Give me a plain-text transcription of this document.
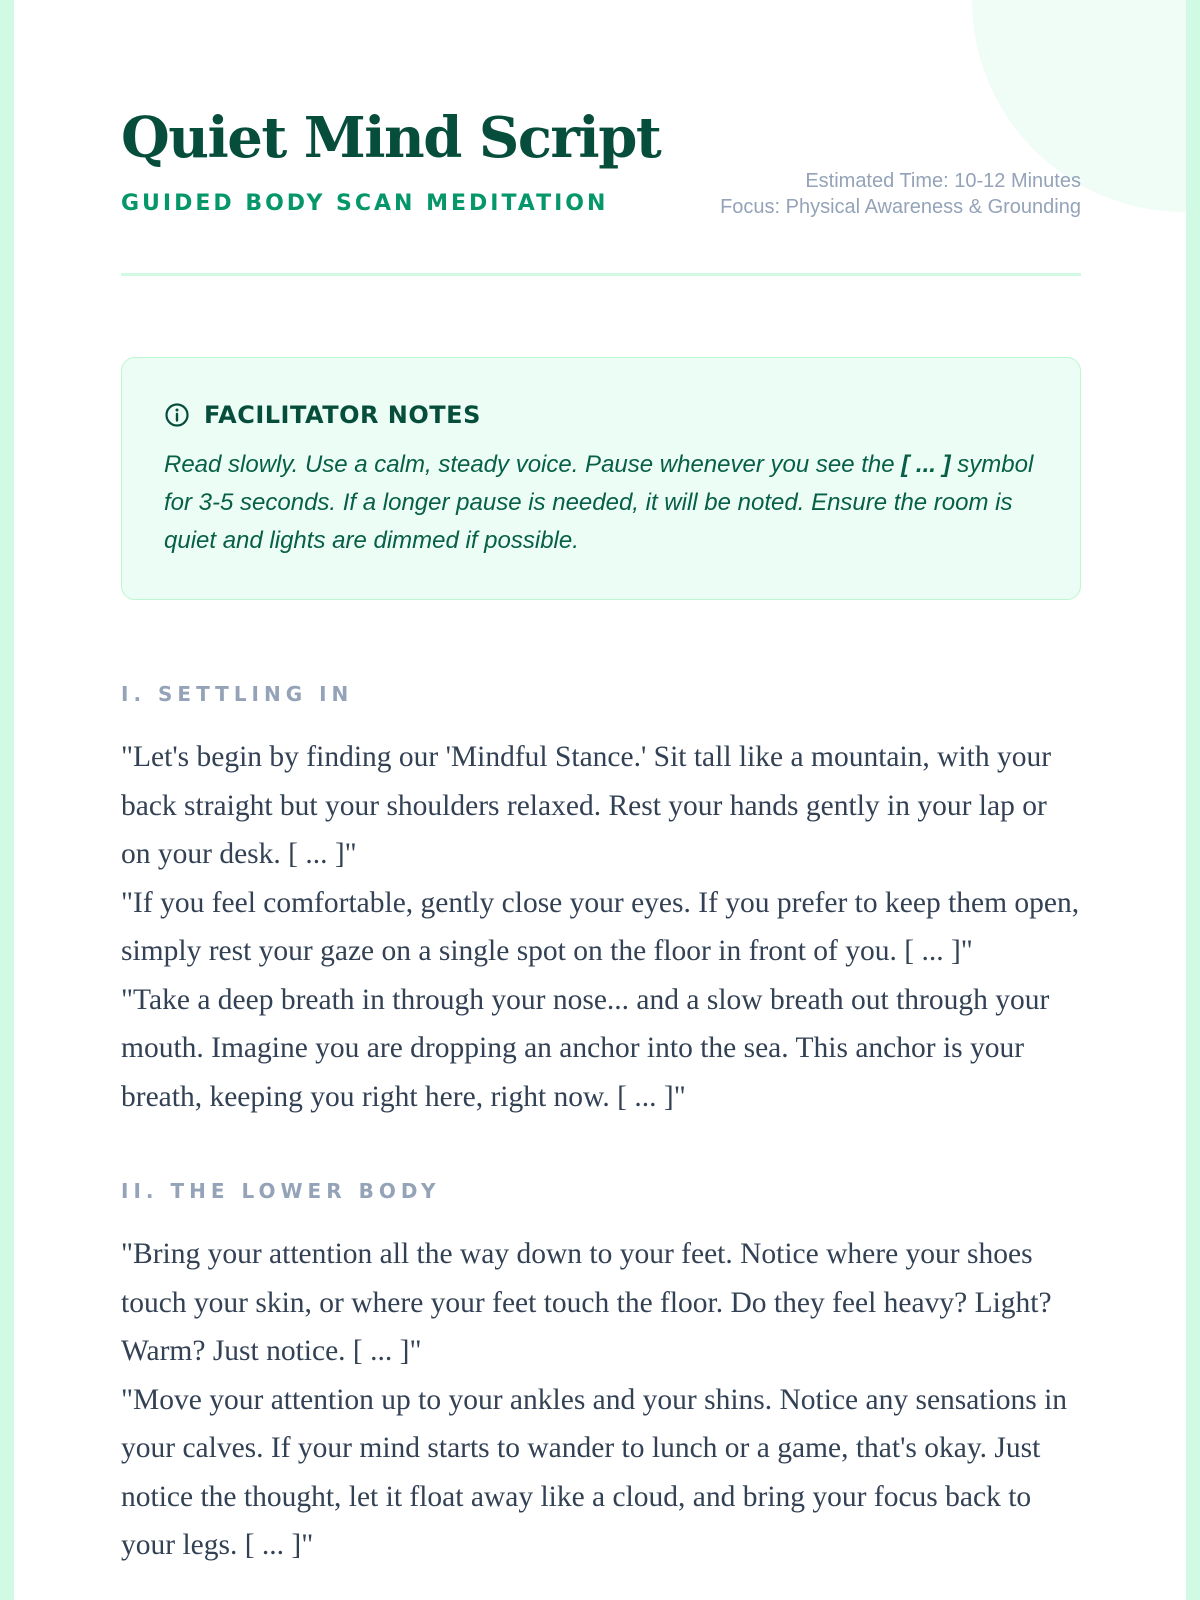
Quiet Mind Script
GUIDED BODY SCAN MEDITATION
Estimated Time: 10-12 Minutes
Focus: Physical Awareness & Grounding
FACILITATOR NOTES

Read slowly. Use a calm, steady voice. Pause whenever you see the [ ... ] symbol for 3-5 seconds. If a longer pause is needed, it will be noted. Ensure the room is quiet and lights are dimmed if possible.

I. SETTLING IN

"Let's begin by finding our 'Mindful Stance.' Sit tall like a mountain, with your back straight but your shoulders relaxed. Rest your hands gently in your lap or on your desk. [ ... ]"

"If you feel comfortable, gently close your eyes. If you prefer to keep them open, simply rest your gaze on a single spot on the floor in front of you. [ ... ]"

"Take a deep breath in through your nose... and a slow breath out through your mouth. Imagine you are dropping an anchor into the sea. This anchor is your breath, keeping you right here, right now. [ ... ]"

II. THE LOWER BODY

"Bring your attention all the way down to your feet. Notice where your shoes touch your skin, or where your feet touch the floor. Do they feel heavy? Light? Warm? Just notice. [ ... ]"

"Move your attention up to your ankles and your shins. Notice any sensations in your calves. If your mind starts to wander to lunch or a game, that's okay. Just notice the thought, let it float away like a cloud, and bring your focus back to your legs. [ ... ]"
